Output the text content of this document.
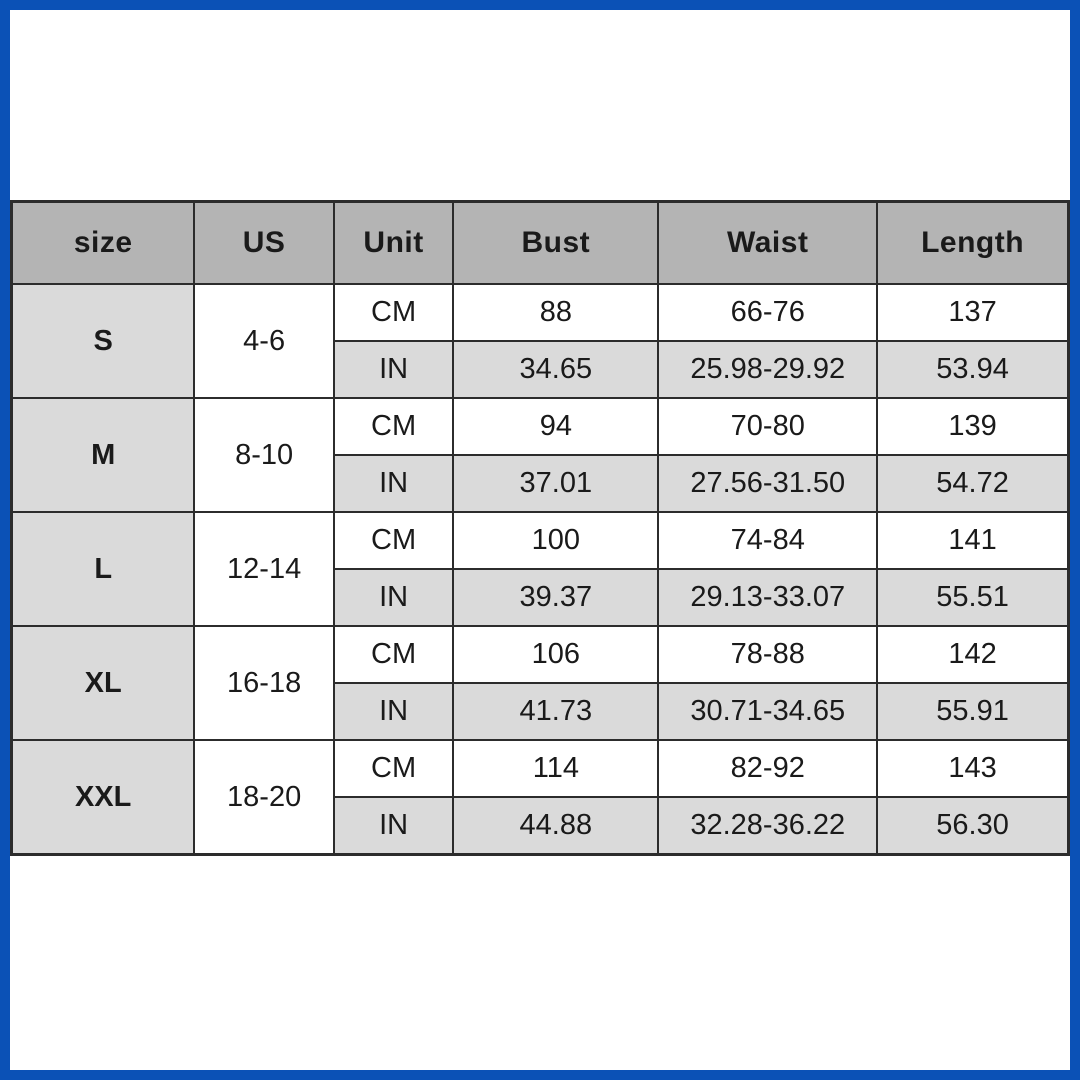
size	US	Unit	Bust	Waist	Length
S	4-6	CM	88	66-76	137
		IN	34.65	25.98-29.92	53.94
M	8-10	CM	94	70-80	139
		IN	37.01	27.56-31.50	54.72
L	12-14	CM	100	74-84	141
		IN	39.37	29.13-33.07	55.51
XL	16-18	CM	106	78-88	142
		IN	41.73	30.71-34.65	55.91
XXL	18-20	CM	114	82-92	143
		IN	44.88	32.28-36.22	56.30
